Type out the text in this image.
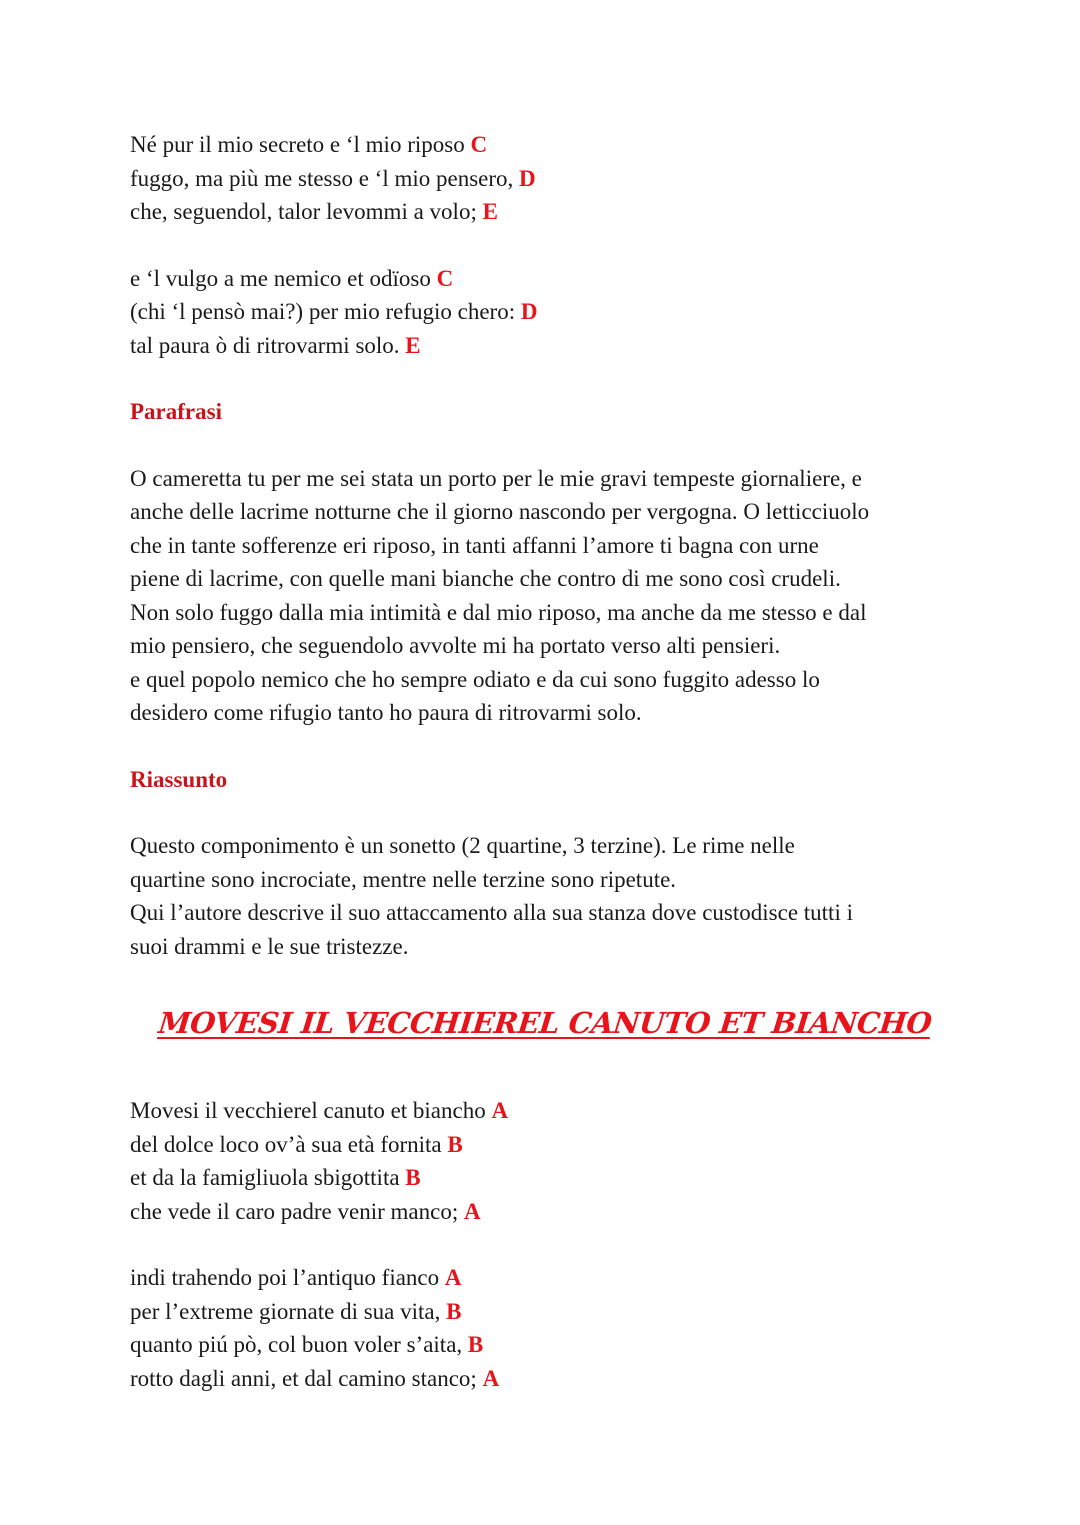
Né pur il mio secreto e ‘l mio riposo C
fuggo, ma più me stesso e ‘l mio pensero, D
che, seguendol, talor levommi a volo; E
e ‘l vulgo a me nemico et odïoso C
(chi ‘l pensò mai?) per mio refugio chero: D
tal paura ò di ritrovarmi solo. E
Parafrasi

O cameretta tu per me sei stata un porto per le mie gravi tempeste giornaliere, e

anche delle lacrime notturne che il giorno nascondo per vergogna. O letticciuolo

che in tante sofferenze eri riposo, in tanti affanni l’amore ti bagna con urne

piene di lacrime, con quelle mani bianche che contro di me sono così crudeli.

Non solo fuggo dalla mia intimità e dal mio riposo, ma anche da me stesso e dal

mio pensiero, che seguendolo avvolte mi ha portato verso alti pensieri.

e quel popolo nemico che ho sempre odiato e da cui sono fuggito adesso lo

desidero come rifugio tanto ho paura di ritrovarmi solo.

Riassunto

Questo componimento è un sonetto (2 quartine, 3 terzine). Le rime nelle

quartine sono incrociate, mentre nelle terzine sono ripetute.

Qui l’autore descrive il suo attaccamento alla sua stanza dove custodisce tutti i

suoi drammi e le sue tristezze.

MOVESI IL VECCHIEREL CANUTO ET BIANCHO
Movesi il vecchierel canuto et biancho A
del dolce loco ov’à sua età fornita B
et da la famigliuola sbigottita B
che vede il caro padre venir manco; A
indi trahendo poi l’antiquo fianco A
per l’extreme giornate di sua vita, B
quanto piú pò, col buon voler s’aita, B
rotto dagli anni, et dal camino stanco; A
